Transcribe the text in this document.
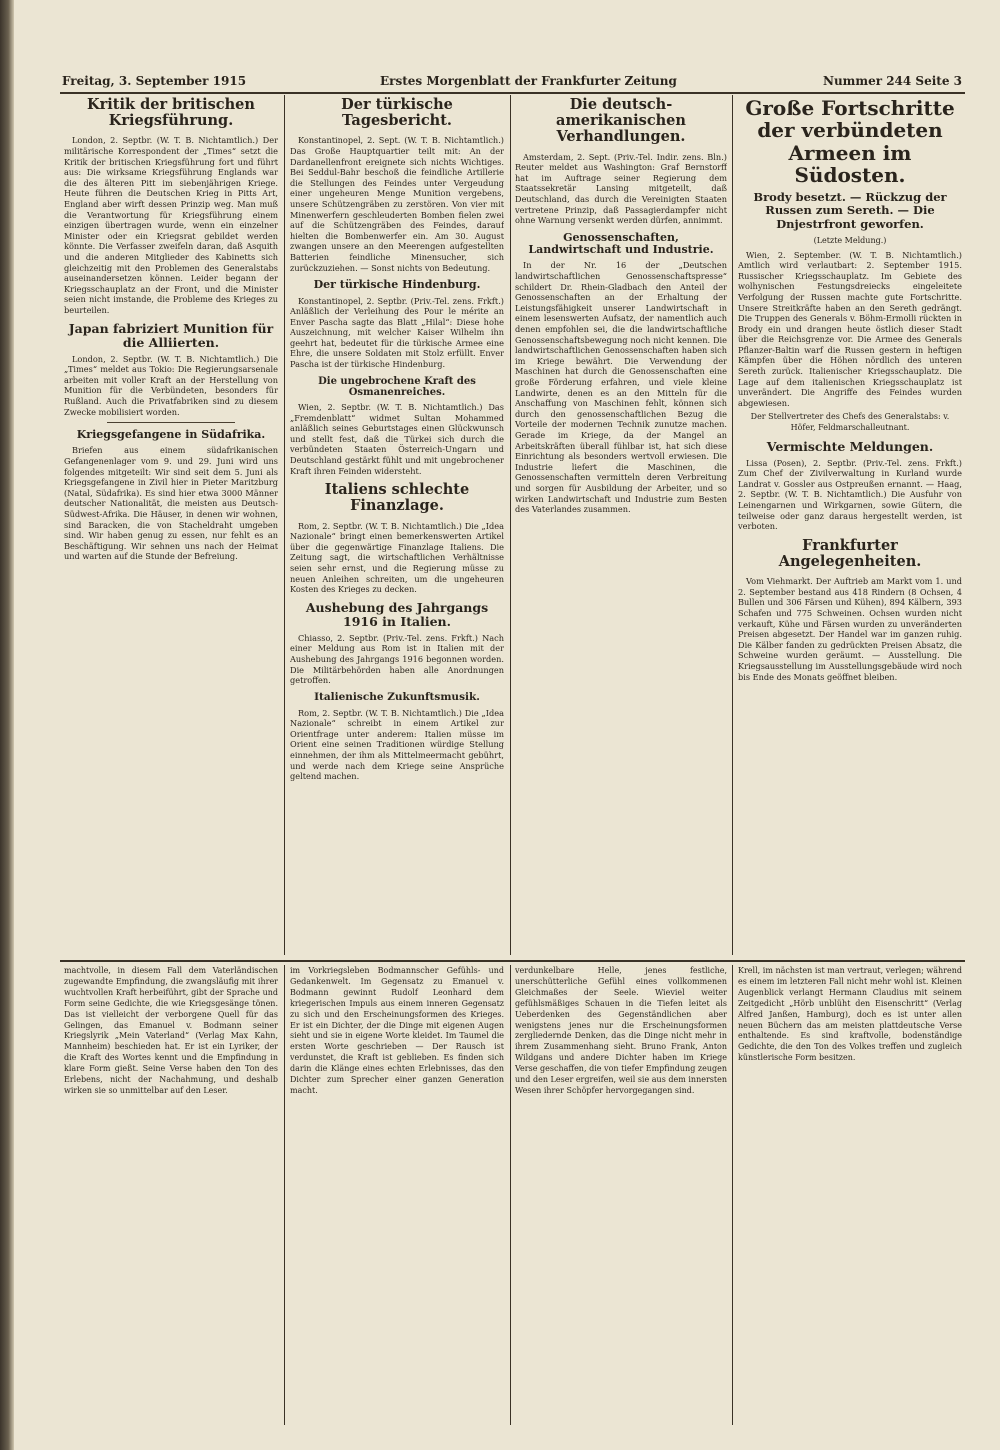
Freitag, 3. September 1915	Erstes Morgenblatt der Frankfurter Zeitung	Nummer 244 Seite 3
Kritik der britischen Kriegsführung.
London, 2. Septbr. (W. T. B. Nichtamtlich.) Der militärische Korrespondent der „Times“ setzt die Kritik der britischen Kriegsführung fort und führt aus: Die wirksame Kriegsführung Englands war die des älteren Pitt im siebenjährigen Kriege. Heute führen die Deutschen Krieg in Pitts Art, England aber wirft dessen Prinzip weg. Man muß die Verantwortung für Kriegsführung einem einzigen übertragen wurde, wenn ein einzelner Minister oder ein Kriegsrat gebildet werden könnte. Die Verfasser zweifeln daran, daß Asquith und die anderen Mitglieder des Kabinetts sich gleichzeitig mit den Problemen des Generalstabs auseinandersetzen können. Leider begann der Kriegsschauplatz an der Front, und die Minister seien nicht imstande, die Probleme des Krieges zu beurteilen.
Japan fabriziert Munition für die Alliierten.
London, 2. Septbr. (W. T. B. Nichtamtlich.) Die „Times“ meldet aus Tokio: Die Regierungsarsenale arbeiten mit voller Kraft an der Herstellung von Munition für die Verbündeten, besonders für Rußland. Auch die Privatfabriken sind zu diesem Zwecke mobilisiert worden.
Kriegsgefangene in Südafrika.
Briefen aus einem südafrikanischen Gefangenenlager vom 9. und 29. Juni wird uns folgendes mitgeteilt: Wir sind seit dem 5. Juni als Kriegsgefangene in Zivil hier in Pieter Maritzburg (Natal, Südafrika). Es sind hier etwa 3000 Männer deutscher Nationalität, die meisten aus Deutsch-Südwest-Afrika. Die Häuser, in denen wir wohnen, sind Baracken, die von Stacheldraht umgeben sind. Wir haben genug zu essen, nur fehlt es an Beschäftigung. Wir sehnen uns nach der Heimat und warten auf die Stunde der Befreiung.
Der türkische Tagesbericht.
Konstantinopel, 2. Sept. (W. T. B. Nichtamtlich.) Das Große Hauptquartier teilt mit: An der Dardanellenfront ereignete sich nichts Wichtiges. Bei Seddul-Bahr beschoß die feindliche Artillerie die Stellungen des Feindes unter Vergeudung einer ungeheuren Menge Munition vergebens, unsere Schützengräben zu zerstören. Von vier mit Minenwerfern geschleuderten Bomben fielen zwei auf die Schützengräben des Feindes, darauf hielten die Bombenwerfer ein. Am 30. August zwangen unsere an den Meerengen aufgestellten Batterien feindliche Minensucher, sich zurückzuziehen. — Sonst nichts von Bedeutung.
Der türkische Hindenburg.
Konstantinopel, 2. Septbr. (Priv.-Tel. zens. Frkft.) Anläßlich der Verleihung des Pour le mérite an Enver Pascha sagte das Blatt „Hilal“: Diese hohe Auszeichnung, mit welcher Kaiser Wilhelm ihn geehrt hat, bedeutet für die türkische Armee eine Ehre, die unsere Soldaten mit Stolz erfüllt. Enver Pascha ist der türkische Hindenburg.
Die ungebrochene Kraft des Osmanenreiches.
Wien, 2. Septbr. (W. T. B. Nichtamtlich.) Das „Fremdenblatt“ widmet Sultan Mohammed anläßlich seines Geburtstages einen Glückwunsch und stellt fest, daß die Türkei sich durch die verbündeten Staaten Österreich-Ungarn und Deutschland gestärkt fühlt und mit ungebrochener Kraft ihren Feinden widersteht.
Italiens schlechte Finanzlage.
Rom, 2. Septbr. (W. T. B. Nichtamtlich.) Die „Idea Nazionale“ bringt einen bemerkenswerten Artikel über die gegenwärtige Finanzlage Italiens. Die Zeitung sagt, die wirtschaftlichen Verhältnisse seien sehr ernst, und die Regierung müsse zu neuen Anleihen schreiten, um die ungeheuren Kosten des Krieges zu decken.
Aushebung des Jahrgangs 1916 in Italien.
Chiasso, 2. Septbr. (Priv.-Tel. zens. Frkft.) Nach einer Meldung aus Rom ist in Italien mit der Aushebung des Jahrgangs 1916 begonnen worden. Die Militärbehörden haben alle Anordnungen getroffen.
Italienische Zukunftsmusik.
Rom, 2. Septbr. (W. T. B. Nichtamtlich.) Die „Idea Nazionale“ schreibt in einem Artikel zur Orientfrage unter anderem: Italien müsse im Orient eine seinen Traditionen würdige Stellung einnehmen, der ihm als Mittelmeermacht gebührt, und werde nach dem Kriege seine Ansprüche geltend machen.
Die deutsch-amerikanischen Verhandlungen.
Amsterdam, 2. Sept. (Priv.-Tel. Indir. zens. Bln.) Reuter meldet aus Washington: Graf Bernstorff hat im Auftrage seiner Regierung dem Staatssekretär Lansing mitgeteilt, daß Deutschland, das durch die Vereinigten Staaten vertretene Prinzip, daß Passagierdampfer nicht ohne Warnung versenkt werden dürfen, annimmt.
Genossenschaften, Landwirtschaft und Industrie.
In der Nr. 16 der „Deutschen landwirtschaftlichen Genossenschaftspresse“ schildert Dr. Rhein-Gladbach den Anteil der Genossenschaften an der Erhaltung der Leistungsfähigkeit unserer Landwirtschaft in einem lesenswerten Aufsatz, der namentlich auch denen empfohlen sei, die die landwirtschaftliche Genossenschaftsbewegung noch nicht kennen. Die landwirtschaftlichen Genossenschaften haben sich im Kriege bewährt. Die Verwendung der Maschinen hat durch die Genossenschaften eine große Förderung erfahren, und viele kleine Landwirte, denen es an den Mitteln für die Anschaffung von Maschinen fehlt, können sich durch den genossenschaftlichen Bezug die Vorteile der modernen Technik zunutze machen. Gerade im Kriege, da der Mangel an Arbeitskräften überall fühlbar ist, hat sich diese Einrichtung als besonders wertvoll erwiesen. Die Industrie liefert die Maschinen, die Genossenschaften vermitteln deren Verbreitung und sorgen für Ausbildung der Arbeiter, und so wirken Landwirtschaft und Industrie zum Besten des Vaterlandes zusammen.
Große Fortschritte der verbündeten Armeen im Südosten.
Brody besetzt. — Rückzug der Russen zum Sereth. — Die Dnjestrfront geworfen.
(Letzte Meldung.)
Wien, 2. September. (W. T. B. Nichtamtlich.) Amtlich wird verlautbart: 2. September 1915. Russischer Kriegsschauplatz. Im Gebiete des wolhynischen Festungsdreiecks eingeleitete Verfolgung der Russen machte gute Fortschritte. Unsere Streitkräfte haben an den Sereth gedrängt. Die Truppen des Generals v. Böhm-Ermolli rückten in Brody ein und drangen heute östlich dieser Stadt über die Reichsgrenze vor. Die Armee des Generals Pflanzer-Baltin warf die Russen gestern in heftigen Kämpfen über die Höhen nördlich des unteren Sereth zurück. Italienischer Kriegsschauplatz. Die Lage auf dem italienischen Kriegsschauplatz ist unverändert. Die Angriffe des Feindes wurden abgewiesen.
Der Stellvertreter des Chefs des Generalstabs: v. Höfer, Feldmarschalleutnant.
Vermischte Meldungen.
Lissa (Posen), 2. Septbr. (Priv.-Tel. zens. Frkft.) Zum Chef der Zivilverwaltung in Kurland wurde Landrat v. Gossler aus Ostpreußen ernannt. — Haag, 2. Septbr. (W. T. B. Nichtamtlich.) Die Ausfuhr von Leinengarnen und Wirkgarnen, sowie Gütern, die teilweise oder ganz daraus hergestellt werden, ist verboten.
Frankfurter Angelegenheiten.
Vom Viehmarkt. Der Auftrieb am Markt vom 1. und 2. September bestand aus 418 Rindern (8 Ochsen, 4 Bullen und 306 Färsen und Kühen), 894 Kälbern, 393 Schafen und 775 Schweinen. Ochsen wurden nicht verkauft, Kühe und Färsen wurden zu unveränderten Preisen abgesetzt. Der Handel war im ganzen ruhig. Die Kälber fanden zu gedrückten Preisen Absatz, die Schweine wurden geräumt. — Ausstellung. Die Kriegsausstellung im Ausstellungsgebäude wird noch bis Ende des Monats geöffnet bleiben.
machtvolle, in diesem Fall dem Vaterländischen zugewandte Empfindung, die zwangsläufig mit ihrer wuchtvollen Kraft herbeiführt, gibt der Sprache und Form seine Gedichte, die wie Kriegsgesänge tönen. Das ist vielleicht der verborgene Quell für das Gelingen, das Emanuel v. Bodmann seiner Kriegslyrik „Mein Vaterland“ (Verlag Max Kahn, Mannheim) beschieden hat. Er ist ein Lyriker, der die Kraft des Wortes kennt und die Empfindung in klare Form gießt. Seine Verse haben den Ton des Erlebens, nicht der Nachahmung, und deshalb wirken sie so unmittelbar auf den Leser.
im Vorkriegsleben Bodmannscher Gefühls- und Gedankenwelt. Im Gegensatz zu Emanuel v. Bodmann gewinnt Rudolf Leonhard dem kriegerischen Impuls aus einem inneren Gegensatz zu sich und den Erscheinungsformen des Krieges. Er ist ein Dichter, der die Dinge mit eigenen Augen sieht und sie in eigene Worte kleidet. Im Taumel die ersten Worte geschrieben — Der Rausch ist verdunstet, die Kraft ist geblieben. Es finden sich darin die Klänge eines echten Erlebnisses, das den Dichter zum Sprecher einer ganzen Generation macht.
verdunkelbare Helle, jenes festliche, unerschütterliche Gefühl eines vollkommenen Gleichmaßes der Seele. Wieviel weiter gefühlsmäßiges Schauen in die Tiefen leitet als Ueberdenken des Gegenständlichen aber wenigstens jenes nur die Erscheinungsformen zergliedernde Denken, das die Dinge nicht mehr in ihrem Zusammenhang sieht. Bruno Frank, Anton Wildgans und andere Dichter haben im Kriege Verse geschaffen, die von tiefer Empfindung zeugen und den Leser ergreifen, weil sie aus dem innersten Wesen ihrer Schöpfer hervorgegangen sind.
Krell, im nächsten ist man vertraut, verlegen; während es einem im letzteren Fall nicht mehr wohl ist. Kleinen Augenblick verlangt Hermann Claudius mit seinem Zeitgedicht „Hörb unblüht den Eisenschritt“ (Verlag Alfred Janßen, Hamburg), doch es ist unter allen neuen Büchern das am meisten plattdeutsche Verse enthaltende. Es sind kraftvolle, bodenständige Gedichte, die den Ton des Volkes treffen und zugleich künstlerische Form besitzen.
